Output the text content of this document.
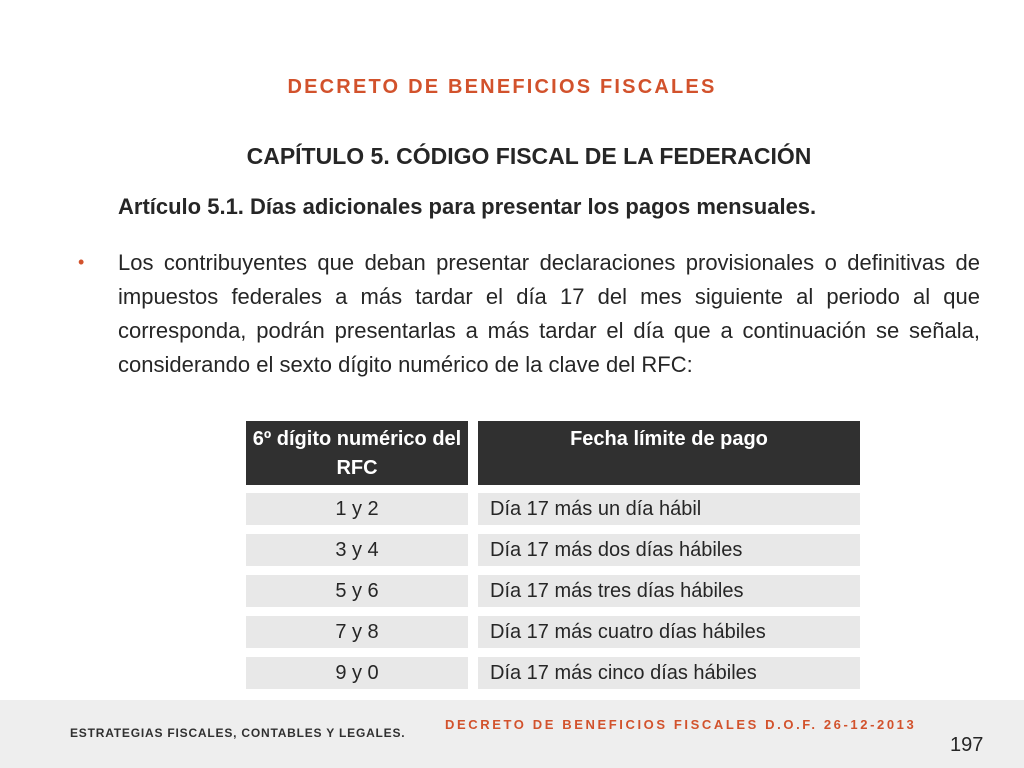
DECRETO DE BENEFICIOS FISCALES
CAPÍTULO 5. CÓDIGO FISCAL DE LA FEDERACIÓN
Artículo 5.1. Días adicionales para presentar los pagos mensuales.
• Los contribuyentes que deban presentar declaraciones provisionales o definitivas de impuestos federales a más tardar el día 17 del mes siguiente al periodo al que corresponda, podrán presentarlas a más tardar el día que a continuación se señala, considerando el sexto dígito numérico de la clave del RFC:
6º dígito numérico del RFC	Fecha límite de pago

1 y 2	Día 17 más un día hábil

3 y 4	Día 17 más dos días hábiles

5 y 6	Día 17 más tres días hábiles

7 y 8	Día 17 más cuatro días hábiles

9 y 0	Día 17 más cinco días hábiles
ESTRATEGIAS FISCALES, CONTABLES Y LEGALES.
DECRETO DE BENEFICIOS FISCALES D.O.F. 26-12-2013
197
